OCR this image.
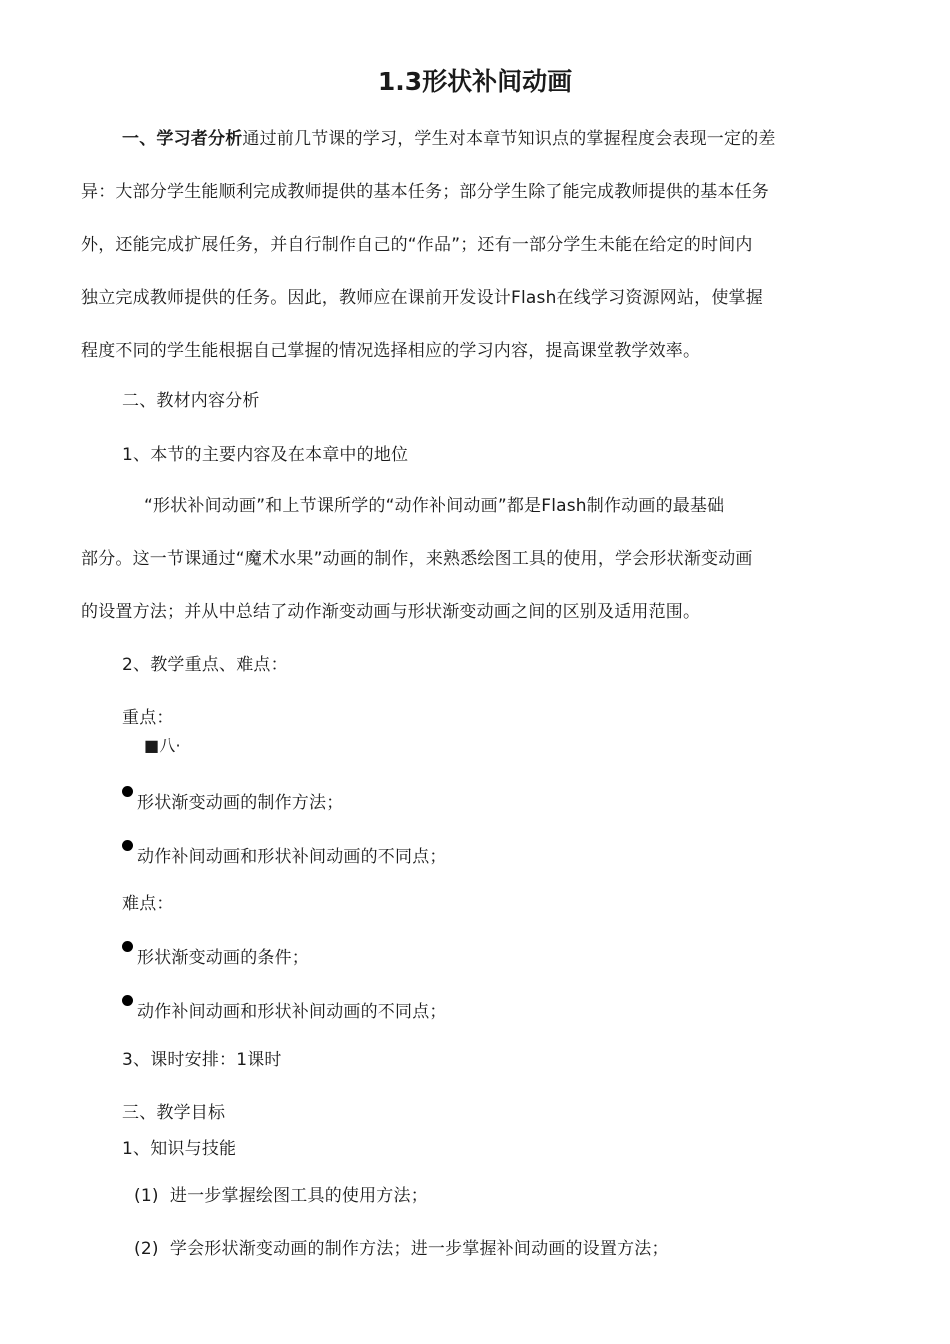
1.3形状补间动画
一、学习者分析通过前几节课的学习，学生对本章节知识点的掌握程度会表现一定的差
异：大部分学生能顺利完成教师提供的基本任务；部分学生除了能完成教师提供的基本任务
外，还能完成扩展任务，并自行制作自己的“作品”；还有一部分学生未能在给定的时间内
独立完成教师提供的任务。因此，教师应在课前开发设计Flash在线学习资源网站，使掌握
程度不同的学生能根据自己掌握的情况选择相应的学习内容，提高课堂教学效率。
二、教材内容分析
1、本节的主要内容及在本章中的地位
“形状补间动画”和上节课所学的“动作补间动画”都是Flash制作动画的最基础
部分。这一节课通过“魔术水果”动画的制作，来熟悉绘图工具的使用，学会形状渐变动画
的设置方法；并从中总结了动作渐变动画与形状渐变动画之间的区别及适用范围。
2、教学重点、难点：
重点：
■八·
形状渐变动画的制作方法；
动作补间动画和形状补间动画的不同点；
难点：
形状渐变动画的条件；
动作补间动画和形状补间动画的不同点；
3、课时安排：1课时
三、教学目标
1、知识与技能
(1)  进一步掌握绘图工具的使用方法；
(2)  学会形状渐变动画的制作方法；进一步掌握补间动画的设置方法；
